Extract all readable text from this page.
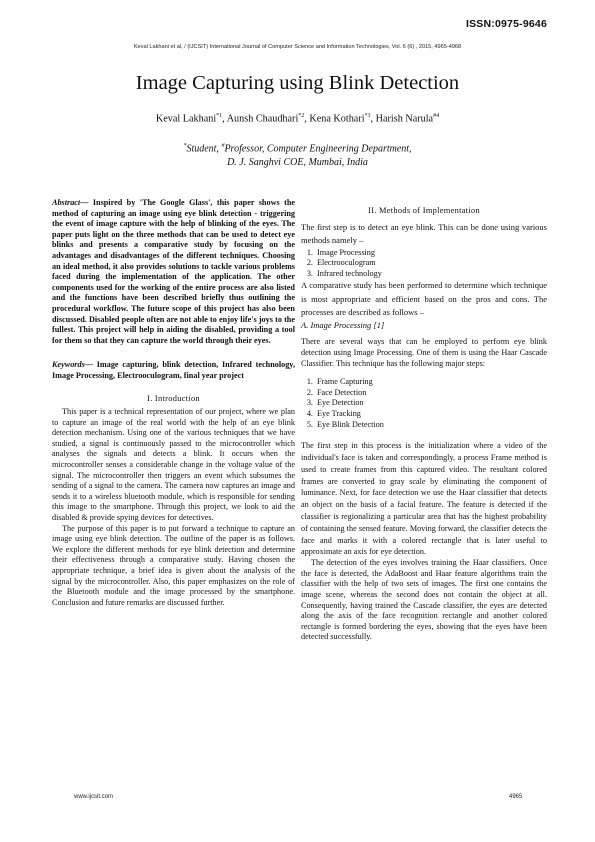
ISSN:0975-9646
Keval Lakhani et al, / (IJCSIT) International Journal of Computer Science and Information Technologies, Vol. 6 (6) , 2015, 4965-4968
Image Capturing using Blink Detection
Keval Lakhani$^{*1}$, Aunsh Chaudhari$^{*2}$, Kena Kothari$^{*3}$, Harish Narula$^{\#4}$
*Student, #Professor, Computer Engineering Department,
D. J. Sanghvi COE, Mumbai, India

Abstract— Inspired by 'The Google Glass', this paper shows the method of capturing an image using eye blink detection - triggering the event of image capture with the help of blinking of the eyes. The paper puts light on the three methods that can be used to detect eye blinks and presents a comparative study by focusing on the advantages and disadvantages of the different techniques. Choosing an ideal method, it also provides solutions to tackle various problems faced during the implementation of the application. The other components used for the working of the entire process are also listed and the functions have been described briefly thus outlining the procedural workflow. The future scope of this project has also been discussed. Disabled people often are not able to enjoy life's joys to the fullest. This project will help in aiding the disabled, providing a tool for them so that they can capture the world through their eyes.

Keywords— Image capturing, blink detection, Infrared technology, Image Processing, Electrooculogram, final year project

I. Introduction

This paper is a technical representation of our project, where we plan to capture an image of the real world with the help of an eye blink detection mechanism. Using one of the various techniques that we have studied, a signal is continuously passed to the microcontroller which analyses the signals and detects a blink. It occurs when the microcontroller senses a considerable change in the voltage value of the signal. The microcontroller then triggers an event which subsumes the sending of a signal to the camera. The camera now captures an image and sends it to a wireless bluetooth module, which is responsible for sending this image to the smartphone. Through this project, we look to aid the disabled & provide spying devices for detectives.

The purpose of this paper is to put forward a technique to capture an image using eye blink detection. The outline of the paper is as follows. We explore the different methods for eye blink detection and determine their effectiveness through a comparative study. Having chosen the appropriate technique, a brief idea is given about the analysis of the signal by the microcontroller. Also, this paper emphasizes on the role of the Bluetooth module and the image processed by the smartphone. Conclusion and future remarks are discussed further.

II. Methods of Implementation

The first step is to detect an eye blink. This can be done using various methods namely –

1. Image Processing
2. Electrooculogram
3. Infrared technology

A comparative study has been performed to determine which technique is most appropriate and efficient based on the pros and cons. The processes are described as follows –

A. Image Processing [1]

There are several ways that can be employed to perform eye blink detection using Image Processing. One of them is using the Haar Cascade Classifier. This technique has the following major steps:

1. Frame Capturing
2. Face Detection
3. Eye Detection
4. Eye Tracking
5. Eye Blink Detection

The first step in this process is the initialization where a video of the individual's face is taken and correspondingly, a process Frame method is used to create frames from this captured video. The resultant colored frames are converted to gray scale by eliminating the component of luminance. Next, for face detection we use the Haar classifier that detects an object on the basis of a facial feature. The feature is detected if the classifier is regionalizing a particular area that has the highest probability of containing the sensed feature. Moving forward, the classifier detects the face and marks it with a colored rectangle that is later useful to approximate an axis for eye detection.

The detection of the eyes involves training the Haar classifiers. Once the face is detected, the AdaBoost and Haar feature algorithms train the classifier with the help of two sets of images. The first one contains the image scene, whereas the second does not contain the object at all. Consequently, having trained the Cascade classifier, the eyes are detected along the axis of the face recognition rectangle and another colored rectangle is formed bordering the eyes, showing that the eyes have been detected successfully.

www.ijcsit.com	4965
